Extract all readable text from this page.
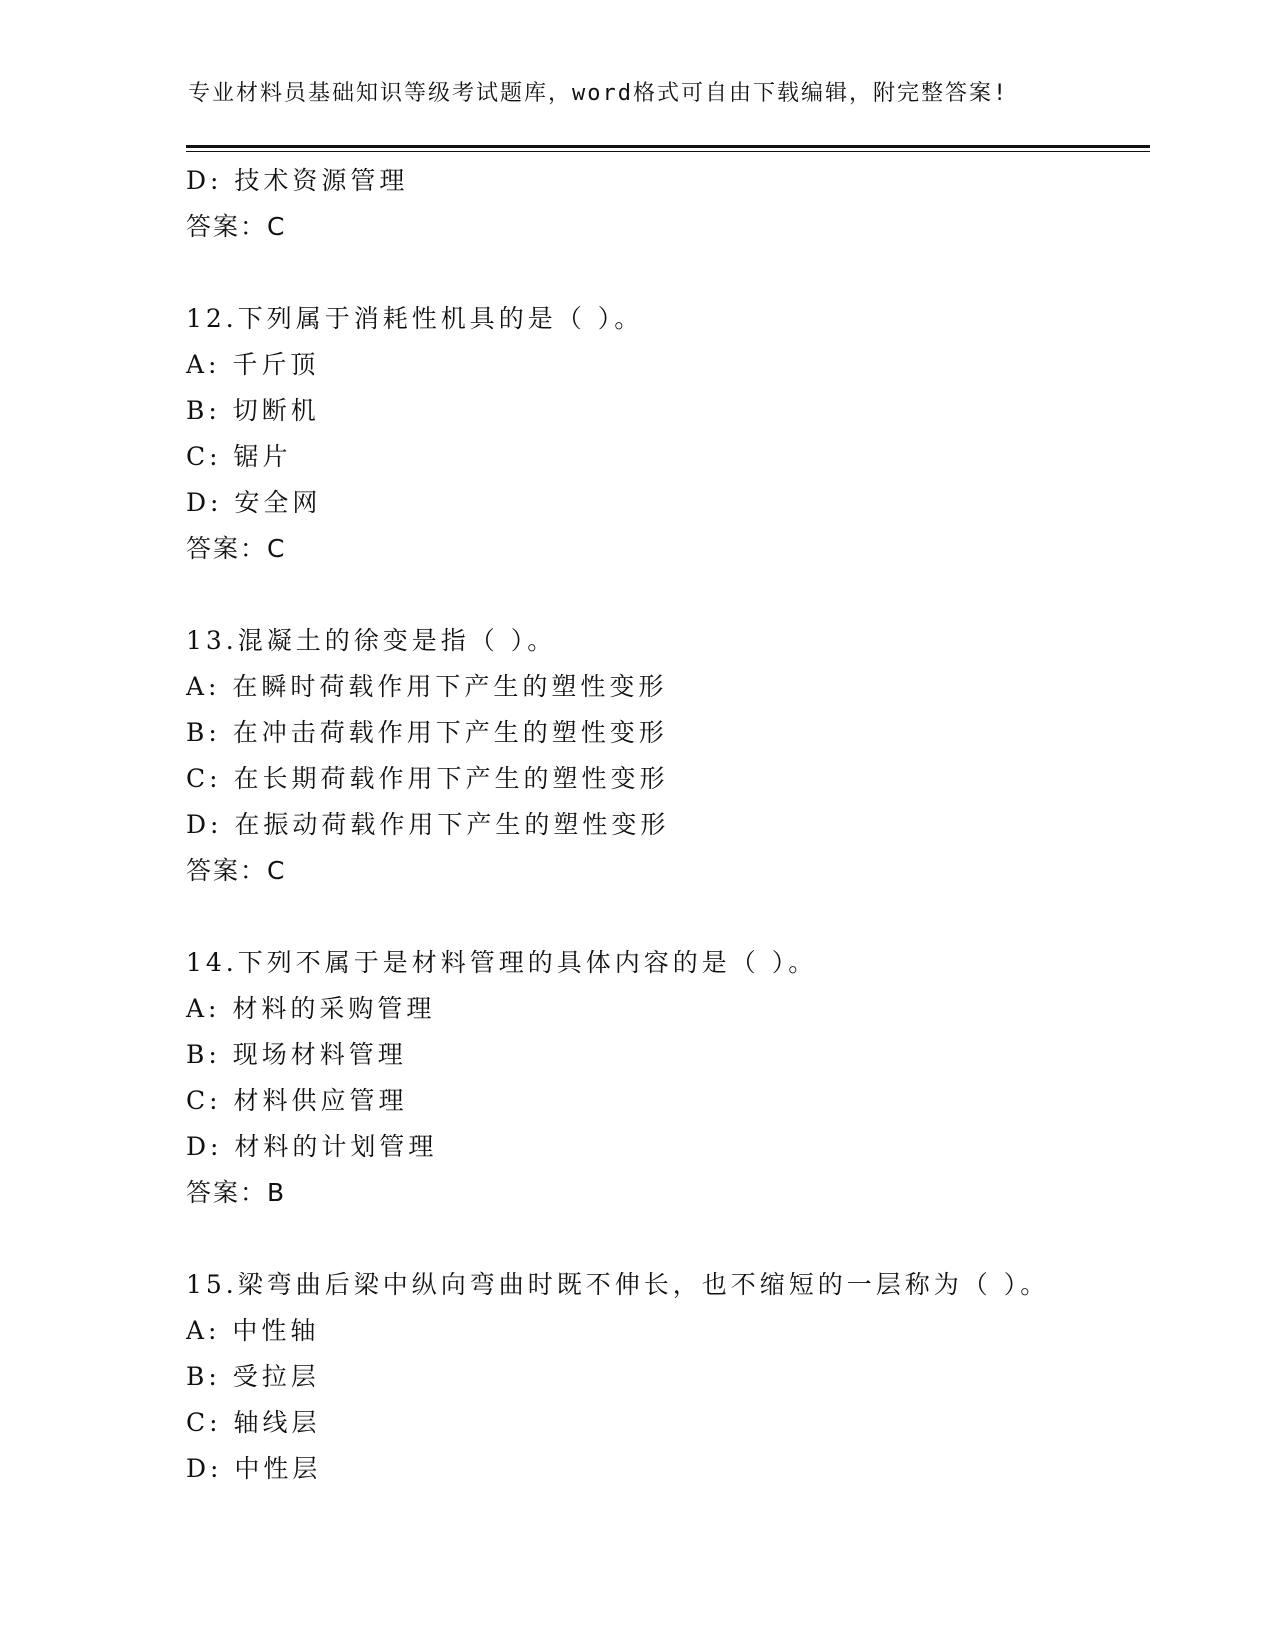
专业材料员基础知识等级考试题库，word格式可自由下载编辑，附完整答案!
D: 技术资源管理
答案：C
12.下列属于消耗性机具的是（ ）。
A: 千斤顶
B: 切断机
C: 锯片
D: 安全网
答案：C
13.混凝土的徐变是指（ ）。
A: 在瞬时荷载作用下产生的塑性变形
B: 在冲击荷载作用下产生的塑性变形
C: 在长期荷载作用下产生的塑性变形
D: 在振动荷载作用下产生的塑性变形
答案：C
14.下列不属于是材料管理的具体内容的是（ ）。
A: 材料的采购管理
B: 现场材料管理
C: 材料供应管理
D: 材料的计划管理
答案：B
15.梁弯曲后梁中纵向弯曲时既不伸长，也不缩短的一层称为（ ）。
A: 中性轴
B: 受拉层
C: 轴线层
D: 中性层
